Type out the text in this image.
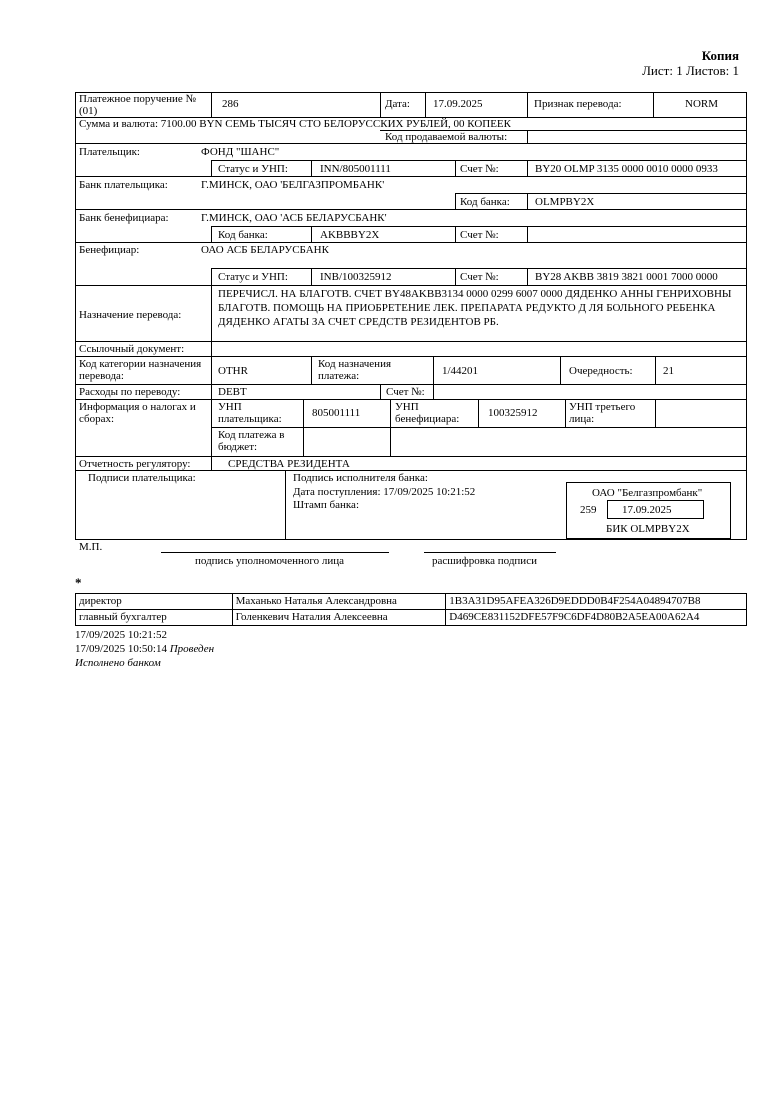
Копия
Лист: 1 Листов: 1
Платежное поручение № (01)
286	Дата: 17.09.2025	Признак перевода:	NORM
Сумма и валюта: 7100.00 BYN СЕМЬ ТЫСЯЧ СТО БЕЛОРУССКИХ РУБЛЕЙ, 00 КОПЕЕК
Код продаваемой валюты:
Плательщик:	ФОНД "ШАНС"
Статус и УНП:	INN/805001111	Счет №:	BY20 OLMP 3135 0000 0010 0000 0933
Банк плательщика:	Г.МИНСК, ОАО 'БЕЛГАЗПРОМБАНК'
Код банка: OLMPBY2X
Банк бенефициара:	Г.МИНСК, ОАО 'АСБ БЕЛАРУСБАНК'
Код банка:	AKBBBY2X	Счет №:
Бенефициар:	ОАО АСБ БЕЛАРУСБАНК
Статус и УНП:	INB/100325912	Счет №:	BY28 AKBB 3819 3821 0001 7000 0000
Назначение перевода:
ПЕРЕЧИСЛ. НА БЛАГОТВ. СЧЕТ BY48AKBB3134 0000 0299 6007 0000 ДЯДЕНКО АННЫ ГЕНРИХОВНЫ БЛАГОТВ. ПОМОЩЬ НА ПРИОБРЕТЕНИЕ ЛЕК. ПРЕПАРАТА РЕДУКТО Д ЛЯ БОЛЬНОГО РЕБЕНКА ДЯДЕНКО АГАТЫ ЗА СЧЕТ СРЕДСТВ РЕЗИДЕНТОВ РБ.
Ссылочный документ:
Код категории назначения перевода:	OTHR
Код назначения платежа:	1/44201	Очередность:	21
Расходы по переводу:	DEBT	Счет №:
Информация о налогах и сборах:
УНП плательщика:	805001111	УНП бенефициара:	100325912	УНП третьего лица:
Код платежа в бюджет:
Отчетность регулятору:	СРЕДСТВА РЕЗИДЕНТА
Подписи плательщика:	Подпись исполнителя банка:
Дата поступления: 17/09/2025 10:21:52
Штамп банка:
ОАО "Белгазпромбанк"
259 17.09.2025
БИК OLMPBY2X
М.П.
подпись уполномоченного лица	расшифровка подписи
*
директор	Маханько Наталья Александровна	1B3A31D95AFEA326D9EDDD0B4F254A04894707B8
главный бухгалтер	Голенкевич Наталия Алексеевна	D469CE831152DFE57F9C6DF4D80B2A5EA00A62A4
17/09/2025 10:21:52
17/09/2025 10:50:14 Проведен
Исполнено банком
